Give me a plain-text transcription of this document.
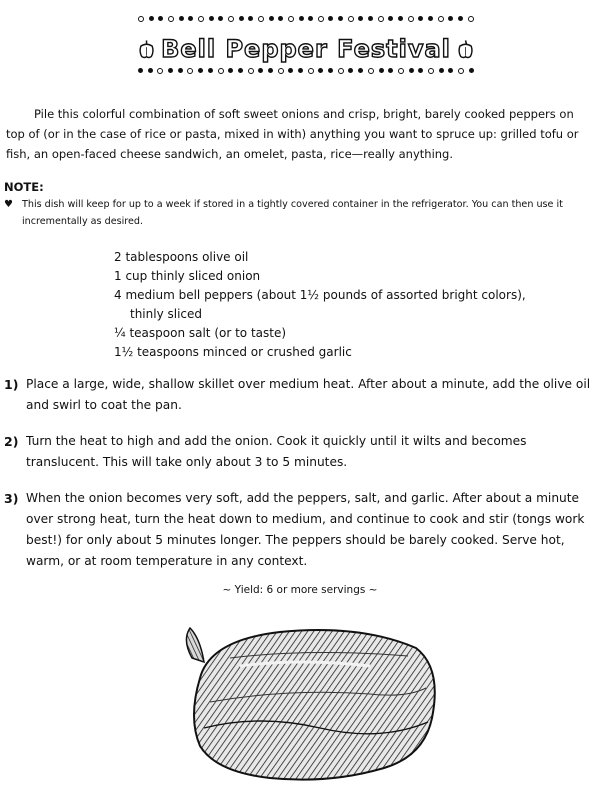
Bell Pepper Festival

Pile this colorful combination of soft sweet onions and crisp, bright, barely cooked peppers on top of (or in the case of rice or pasta, mixed in with) anything you want to spruce up: grilled tofu or fish, an open-faced cheese sandwich, an omelet, pasta, rice—really anything.

NOTE:

♥ This dish will keep for up to a week if stored in a tightly covered container in the refrigerator. You can then use it incrementally as desired.

2 tablespoons olive oil
1 cup thinly sliced onion
4 medium bell peppers (about 1½ pounds of assorted bright colors),
thinly sliced
¼ teaspoon salt (or to taste)
1½ teaspoons minced or crushed garlic
1) Place a large, wide, shallow skillet over medium heat. After about a minute, add the olive oil and swirl to coat the pan.

2) Turn the heat to high and add the onion. Cook it quickly until it wilts and becomes translucent. This will take only about 3 to 5 minutes.

3) When the onion becomes very soft, add the peppers, salt, and garlic. After about a minute over strong heat, turn the heat down to medium, and continue to cook and stir (tongs work best!) for only about 5 minutes longer. The peppers should be barely cooked. Serve hot, warm, or at room temperature in any context.

~ Yield: 6 or more servings ~
